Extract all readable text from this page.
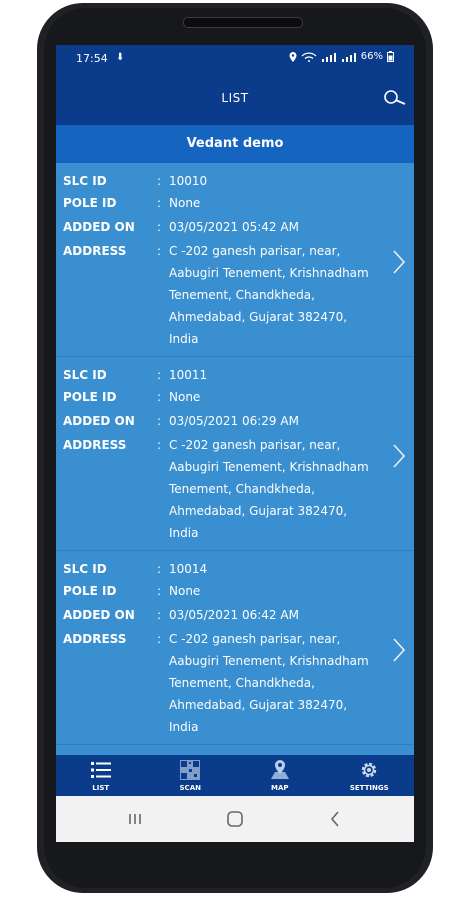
17:54 ⬇	66%
LIST
Vedant demo
SLC ID	: 10010
POLE ID	: None
ADDED ON : 03/05/2021 05:42 AM
ADDRESS	: C -202 ganesh parisar, near, Aabugiri Tenement, Krishnadham Tenement, Chandkheda, Ahmedabad, Gujarat 382470, India
SLC ID	: 10011
POLE ID	: None
ADDED ON : 03/05/2021 06:29 AM
ADDRESS	: C -202 ganesh parisar, near, Aabugiri Tenement, Krishnadham Tenement, Chandkheda, Ahmedabad, Gujarat 382470, India
SLC ID	: 10014
POLE ID	: None
ADDED ON : 03/05/2021 06:42 AM
ADDRESS	: C -202 ganesh parisar, near, Aabugiri Tenement, Krishnadham Tenement, Chandkheda, Ahmedabad, Gujarat 382470, India
LIST	SCAN	MAP	SETTINGS
